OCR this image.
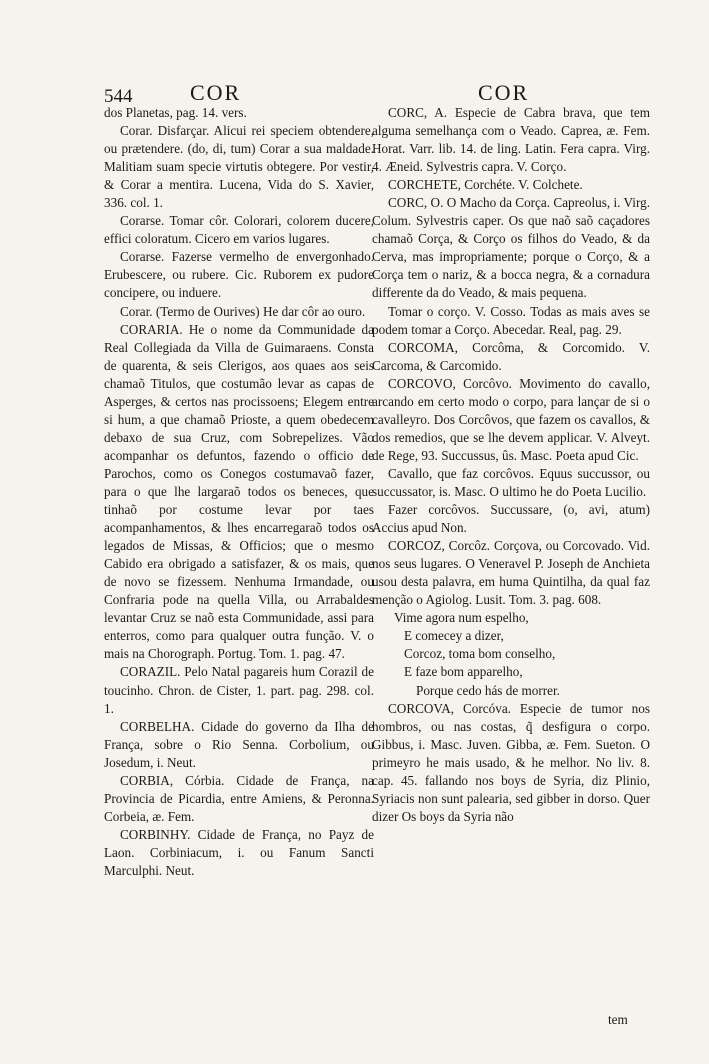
544	COR	COR

dos Planetas, pag. 14. vers.

Corar. Disfarçar. Alicui rei speciem obtendere, ou prætendere. (do, di, tum) Corar a sua maldade. Malitiam suam specie virtutis obtegere. Por vestir, & Corar a mentira. Lucena, Vida do S. Xavier, 336. col. 1.

Corarse. Tomar côr. Colorari, colorem ducere, effici coloratum. Cicero em varios lugares.

Corarse. Fazerse vermelho de envergonhado. Erubescere, ou rubere. Cic. Ruborem ex pudore concipere, ou induere.

Corar. (Termo de Ourives) He dar côr ao ouro.

CORARIA. He o nome da Communidade da Real Collegiada da Villa de Guimaraens. Consta de quarenta, & seis Clerigos, aos quaes aos seis chamaõ Titulos, que costumão levar as capas de Asperges, & certos nas procissoens; Elegem entre si hum, a que chamaõ Prioste, a quem obedecem debaxo de sua Cruz, com Sobrepelizes. Vão acompanhar os defuntos, fazendo o officio de Parochos, como os Conegos costumavaõ fazer, para o que lhe largaraõ todos os beneces, que tinhaõ por costume levar por taes acompanhamentos, & lhes encarregaraõ todos os legados de Missas, & Officios; que o mesmo Cabido era obrigado a satisfazer, & os mais, que de novo se fizessem. Nenhuma Irmandade, ou Confraria pode na quella Villa, ou Arrabaldes levantar Cruz se naõ esta Communidade, assi para enterros, como para qualquer outra função. V. o mais na Chorograph. Portug. Tom. 1. pag. 47.

CORAZIL. Pelo Natal pagareis hum Corazil de toucinho. Chron. de Cister, 1. part. pag. 298. col. 1.

CORBELHA. Cidade do governo da Ilha de França, sobre o Rio Senna. Corbolium, ou Josedum, i. Neut.

CORBIA, Córbia. Cidade de França, na Provincia de Picardia, entre Amiens, & Peronna. Corbeia, æ. Fem.

CORBINHY. Cidade de França, no Payz de Laon. Corbiniacum, i. ou Fanum Sancti Marculphi. Neut.

CORC, A. Especie de Cabra brava, que tem alguma semelhança com o Veado. Caprea, æ. Fem. Horat. Varr. lib. 14. de ling. Latin. Fera capra. Virg. 4. Æneid. Sylvestris capra. V. Corço.

CORCHETE, Corchéte. V. Colchete.

CORC, O. O Macho da Corça. Capreolus, i. Virg. Colum. Sylvestris caper. Os que naõ saõ caçadores chamaõ Corça, & Corço os filhos do Veado, & da Cerva, mas impropriamente; porque o Corço, & a Corça tem o nariz, & a bocca negra, & a cornadura differente da do Veado, & mais pequena.

Tomar o corço. V. Cosso. Todas as mais aves se podem tomar a Corço. Abecedar. Real, pag. 29.

CORCOMA, Corcôma, & Corcomido. V. Carcoma, & Carcomido.

CORCOVO, Corcôvo. Movimento do cavallo, arcando em certo modo o corpo, para lançar de si o cavalleyro. Dos Corcôvos, que fazem os cavallos, & dos remedios, que se lhe devem applicar. V. Alveyt. de Rege, 93. Succussus, ûs. Masc. Poeta apud Cic.

Cavallo, que faz corcôvos. Equus succussor, ou succussator, is. Masc. O ultimo he do Poeta Lucilio.

Fazer corcôvos. Succussare, (o, avi, atum) Accius apud Non.

CORCOZ, Corcôz. Corçova, ou Corcovado. Vid. nos seus lugares. O Veneravel P. Joseph de Anchieta usou desta palavra, em huma Quintilha, da qual faz menção o Agiolog. Lusit. Tom. 3. pag. 608.

Vime agora num espelho,
E comecey a dizer,
Corcoz, toma bom conselho,
E faze bom apparelho,
Porque cedo hás de morrer.

CORCOVA, Corcóva. Especie de tumor nos hombros, ou nas costas, q̃ desfigura o corpo. Gibbus, i. Masc. Juven. Gibba, æ. Fem. Sueton. O primeyro he mais usado, & he melhor. No liv. 8. cap. 45. fallando nos boys de Syria, diz Plinio, Syriacis non sunt palearia, sed gibber in dorso. Quer dizer Os boys da Syria não

tem
